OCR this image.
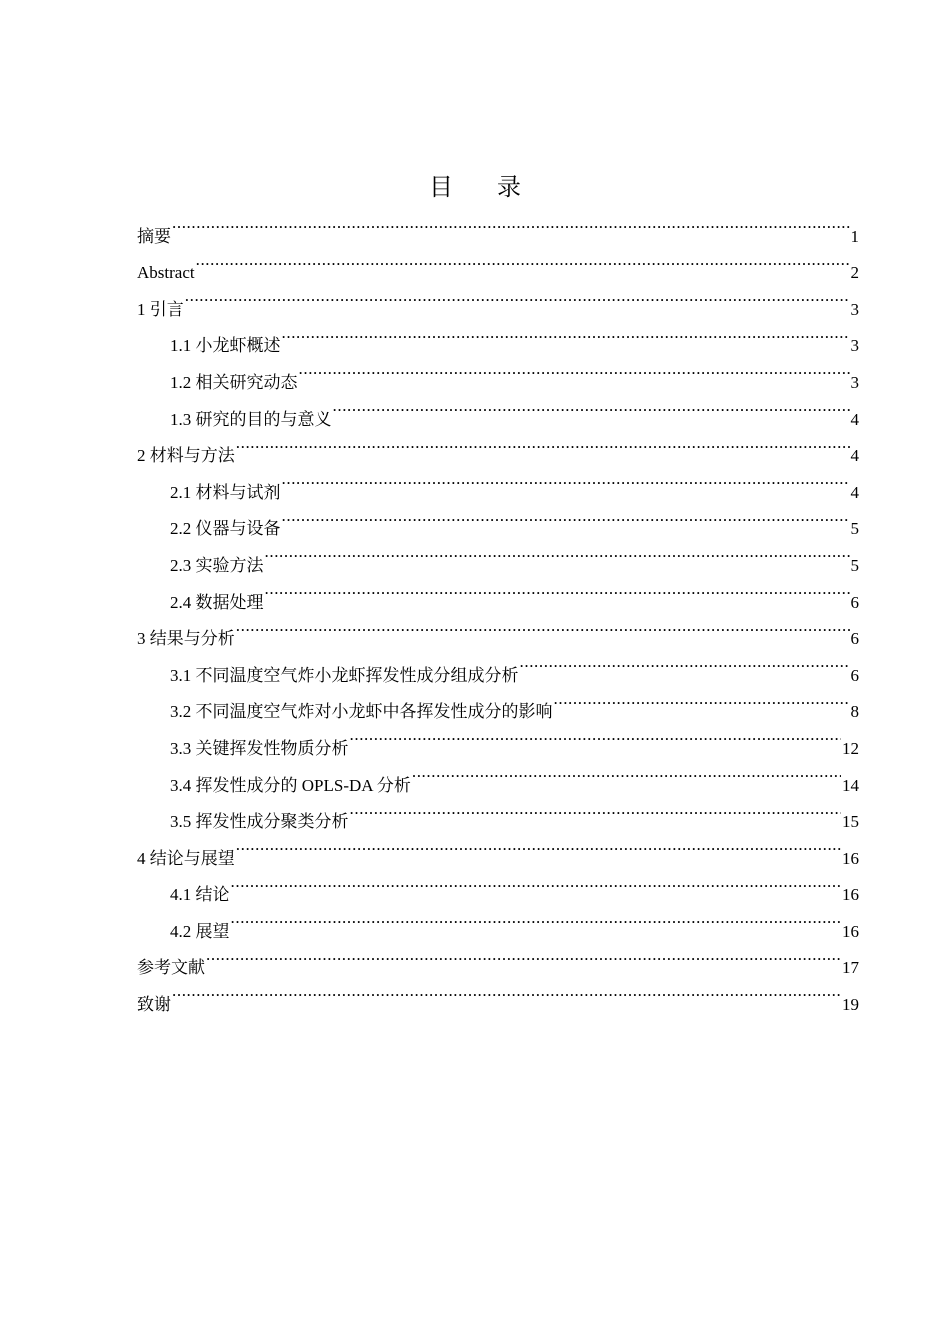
目录
摘要 .....	1
Abstract .....	2
1 引言 .....	3
1.1 小龙虾概述 .....	3
1.2 相关研究动态 .....	3
1.3 研究的目的与意义 .....	4
2 材料与方法 .....	4
2.1 材料与试剂 .....	4
2.2 仪器与设备 .....	5
2.3 实验方法 .....	5
2.4 数据处理 .....	6
3 结果与分析 .....	6
3.1 不同温度空气炸小龙虾挥发性成分组成分析 .....	6
3.2 不同温度空气炸对小龙虾中各挥发性成分的影响 .....	8
3.3 关键挥发性物质分析 .....	12
3.4 挥发性成分的 OPLS-DA 分析 .....	14
3.5 挥发性成分聚类分析 .....	15
4 结论与展望 .....	16
4.1 结论 .....	16
4.2 展望 .....	16
参考文献 .....	17
致谢 .....	19
